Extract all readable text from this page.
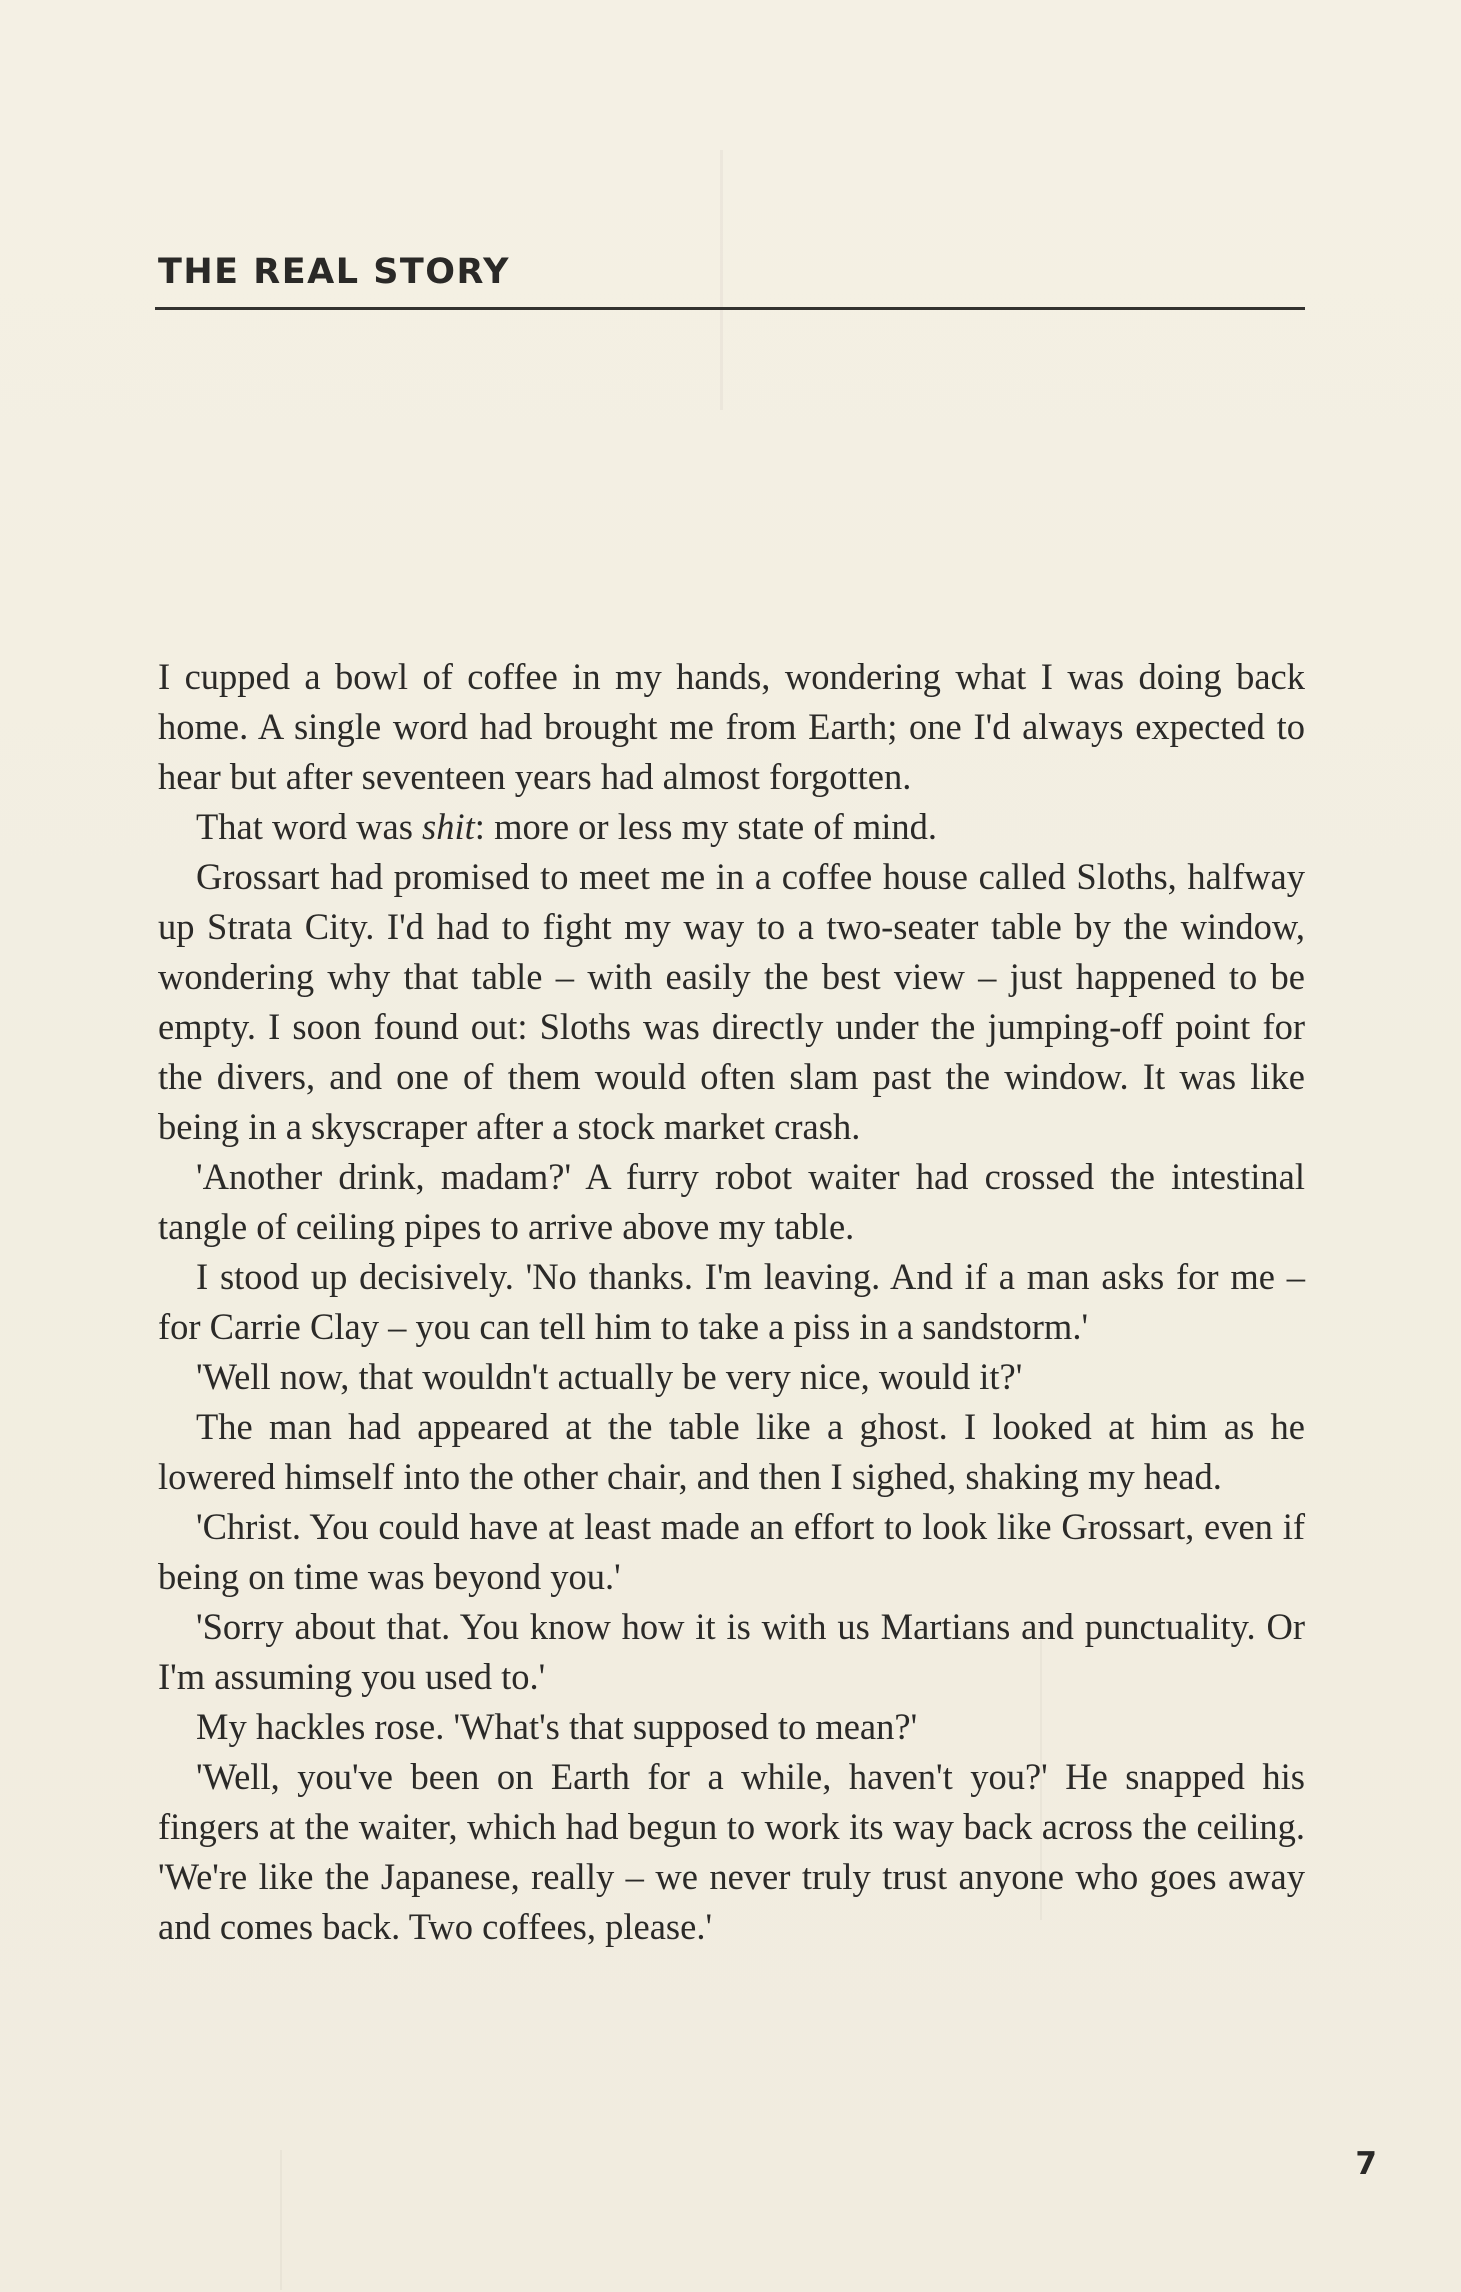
THE REAL STORY

I cupped a bowl of coffee in my hands, wondering what I was doing back home. A single word had brought me from Earth; one I'd always expected to hear but after seventeen years had almost forgotten.

That word was shit: more or less my state of mind.

Grossart had promised to meet me in a coffee house called Sloths, halfway up Strata City. I'd had to fight my way to a two-seater table by the window, wondering why that table – with easily the best view – just happened to be empty. I soon found out: Sloths was directly under the jumping-off point for the divers, and one of them would often slam past the window. It was like being in a skyscraper after a stock market crash.

'Another drink, madam?' A furry robot waiter had crossed the intestinal tangle of ceiling pipes to arrive above my table.

I stood up decisively. 'No thanks. I'm leaving. And if a man asks for me – for Carrie Clay – you can tell him to take a piss in a sandstorm.'

'Well now, that wouldn't actually be very nice, would it?'

The man had appeared at the table like a ghost. I looked at him as he lowered himself into the other chair, and then I sighed, shaking my head.

'Christ. You could have at least made an effort to look like Grossart, even if being on time was beyond you.'

'Sorry about that. You know how it is with us Martians and punctuality. Or I'm assuming you used to.'

My hackles rose. 'What's that supposed to mean?'

'Well, you've been on Earth for a while, haven't you?' He snapped his fingers at the waiter, which had begun to work its way back across the ceiling. 'We're like the Japanese, really – we never truly trust anyone who goes away and comes back. Two coffees, please.'

7
